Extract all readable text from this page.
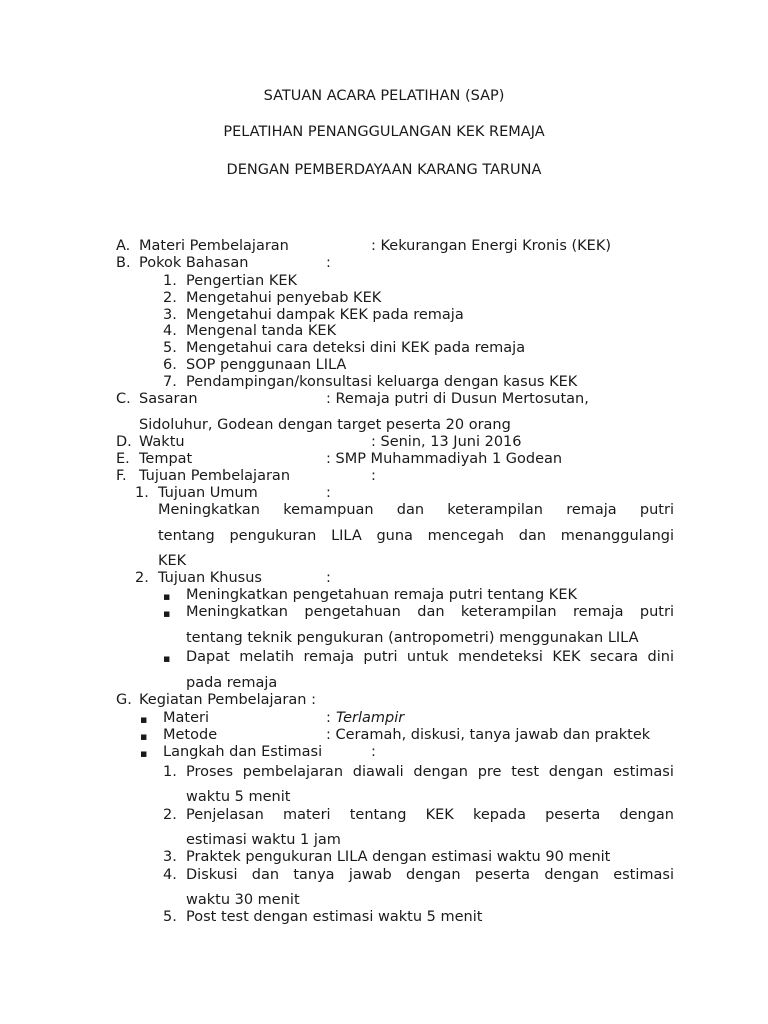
SATUAN ACARA PELATIHAN (SAP)
PELATIHAN PENANGGULANGAN KEK REMAJA
DENGAN PEMBERDAYAAN KARANG TARUNA
A. Materi Pembelajaran	: Kekurangan Energi Kronis (KEK)
B. Pokok Bahasan	:
1. Pengertian KEK
2. Mengetahui penyebab KEK
3. Mengetahui dampak KEK pada remaja
4. Mengenal tanda KEK
5. Mengetahui cara deteksi dini KEK pada remaja
6. SOP penggunaan LILA
7. Pendampingan/konsultasi keluarga dengan kasus KEK
C. Sasaran	: Remaja putri di Dusun Mertosutan,
Sidoluhur, Godean dengan target peserta 20 orang
D. Waktu	: Senin, 13 Juni 2016
E. Tempat	: SMP Muhammadiyah 1 Godean
F. Tujuan Pembelajaran	:
1. Tujuan Umum	:
Meningkatkan kemampuan dan keterampilan remaja putri
tentang pengukuran LILA guna mencegah dan menanggulangi
KEK
2. Tujuan Khusus	:
▪ Meningkatkan pengetahuan remaja putri tentang KEK
▪ Meningkatkan pengetahuan dan keterampilan remaja putri
tentang teknik pengukuran (antropometri) menggunakan LILA
▪ Dapat melatih remaja putri untuk mendeteksi KEK secara dini
pada remaja
G. Kegiatan Pembelajaran :
▪ Materi	: Terlampir
▪ Metode	: Ceramah, diskusi, tanya jawab dan praktek
▪ Langkah dan Estimasi	:
1. Proses pembelajaran diawali dengan pre test dengan estimasi
waktu 5 menit
2. Penjelasan materi tentang KEK kepada peserta dengan
estimasi waktu 1 jam
3. Praktek pengukuran LILA dengan estimasi waktu 90 menit
4. Diskusi dan tanya jawab dengan peserta dengan estimasi
waktu 30 menit
5. Post test dengan estimasi waktu 5 menit
